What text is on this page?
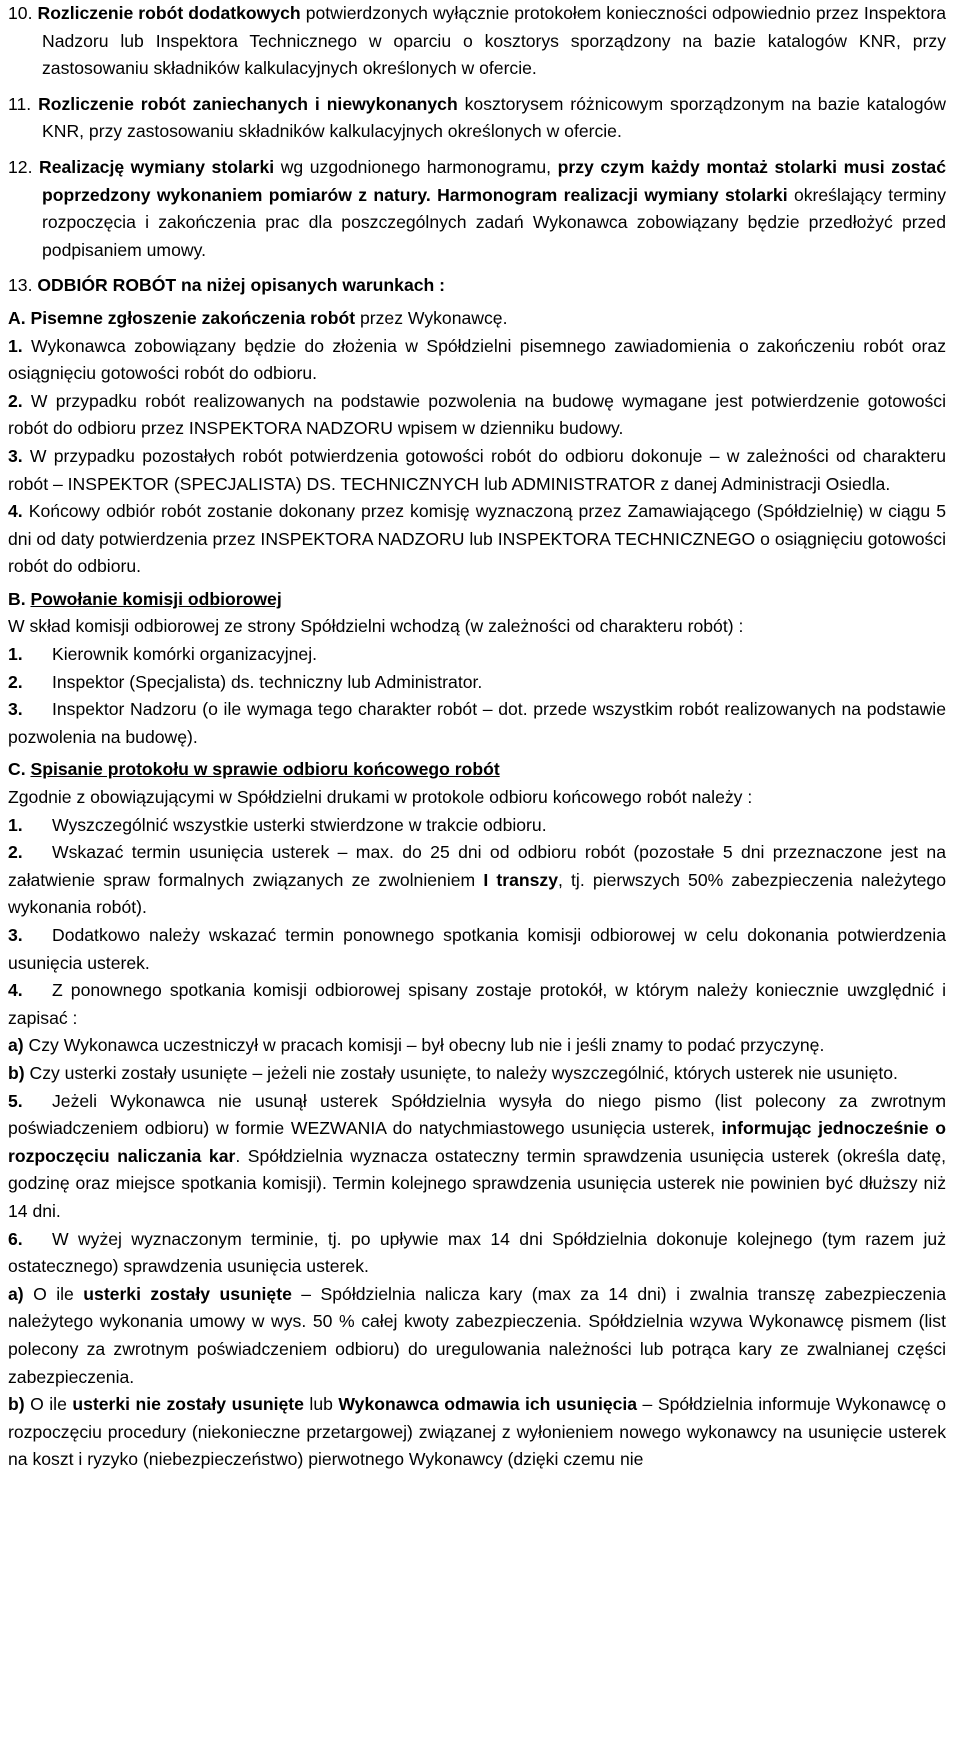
10. Rozliczenie robót dodatkowych potwierdzonych wyłącznie protokołem konieczności odpowiednio przez Inspektora Nadzoru lub Inspektora Technicznego w oparciu o kosztorys sporządzony na bazie katalogów KNR, przy zastosowaniu składników kalkulacyjnych określonych w ofercie.

11. Rozliczenie robót zaniechanych i niewykonanych kosztorysem różnicowym sporządzonym na bazie katalogów KNR, przy zastosowaniu składników kalkulacyjnych określonych w ofercie.

12. Realizację wymiany stolarki wg uzgodnionego harmonogramu, przy czym każdy montaż stolarki musi zostać poprzedzony wykonaniem pomiarów z natury. Harmonogram realizacji wymiany stolarki określający terminy rozpoczęcia i zakończenia prac dla poszczególnych zadań Wykonawca zobowiązany będzie przedłożyć przed podpisaniem umowy.

13. ODBIÓR ROBÓT na niżej opisanych warunkach :

A. Pisemne zgłoszenie zakończenia robót przez Wykonawcę.

1. Wykonawca zobowiązany będzie do złożenia w Spółdzielni pisemnego zawiadomienia o zakończeniu robót oraz osiągnięciu gotowości robót do odbioru.

2. W przypadku robót realizowanych na podstawie pozwolenia na budowę wymagane jest potwierdzenie gotowości robót do odbioru przez INSPEKTORA NADZORU wpisem w dzienniku budowy.

3. W przypadku pozostałych robót potwierdzenia gotowości robót do odbioru dokonuje – w zależności od charakteru robót – INSPEKTOR (SPECJALISTA) DS. TECHNICZNYCH lub ADMINISTRATOR z danej Administracji Osiedla.

4. Końcowy odbiór robót zostanie dokonany przez komisję wyznaczoną przez Zamawiającego (Spółdzielnię) w ciągu 5 dni od daty potwierdzenia przez INSPEKTORA NADZORU lub INSPEKTORA TECHNICZNEGO o osiągnięciu gotowości robót do odbioru.

B. Powołanie komisji odbiorowej

W skład komisji odbiorowej ze strony Spółdzielni wchodzą (w zależności od charakteru robót) :

1. Kierownik komórki organizacyjnej.

2. Inspektor (Specjalista) ds. techniczny lub Administrator.

3. Inspektor Nadzoru (o ile wymaga tego charakter robót – dot. przede wszystkim robót realizowanych na podstawie pozwolenia na budowę).

C. Spisanie protokołu w sprawie odbioru końcowego robót

Zgodnie z obowiązującymi w Spółdzielni drukami w protokole odbioru końcowego robót należy :

1. Wyszczególnić wszystkie usterki stwierdzone w trakcie odbioru.

2. Wskazać termin usunięcia usterek – max. do 25 dni od odbioru robót (pozostałe 5 dni przeznaczone jest na załatwienie spraw formalnych związanych ze zwolnieniem I transzy, tj. pierwszych 50% zabezpieczenia należytego wykonania robót).

3. Dodatkowo należy wskazać termin ponownego spotkania komisji odbiorowej w celu dokonania potwierdzenia usunięcia usterek.

4. Z ponownego spotkania komisji odbiorowej spisany zostaje protokół, w którym należy koniecznie uwzględnić i zapisać :

a) Czy Wykonawca uczestniczył w pracach komisji – był obecny lub nie i jeśli znamy to podać przyczynę.

b) Czy usterki zostały usunięte – jeżeli nie zostały usunięte, to należy wyszczególnić, których usterek nie usunięto.

5. Jeżeli Wykonawca nie usunął usterek Spółdzielnia wysyła do niego pismo (list polecony za zwrotnym poświadczeniem odbioru) w formie WEZWANIA do natychmiastowego usunięcia usterek, informując jednocześnie o rozpoczęciu naliczania kar. Spółdzielnia wyznacza ostateczny termin sprawdzenia usunięcia usterek (określa datę, godzinę oraz miejsce spotkania komisji). Termin kolejnego sprawdzenia usunięcia usterek nie powinien być dłuższy niż 14 dni.

6. W wyżej wyznaczonym terminie, tj. po upływie max 14 dni Spółdzielnia dokonuje kolejnego (tym razem już ostatecznego) sprawdzenia usunięcia usterek.

a) O ile usterki zostały usunięte – Spółdzielnia nalicza kary (max za 14 dni) i zwalnia transzę zabezpieczenia należytego wykonania umowy w wys. 50 % całej kwoty zabezpieczenia. Spółdzielnia wzywa Wykonawcę pismem (list polecony za zwrotnym poświadczeniem odbioru) do uregulowania należności lub potrąca kary ze zwalnianej części zabezpieczenia.

b) O ile usterki nie zostały usunięte lub Wykonawca odmawia ich usunięcia – Spółdzielnia informuje Wykonawcę o rozpoczęciu procedury (niekonieczne przetargowej) związanej z wyłonieniem nowego wykonawcy na usunięcie usterek na koszt i ryzyko (niebezpieczeństwo) pierwotnego Wykonawcy (dzięki czemu nie
